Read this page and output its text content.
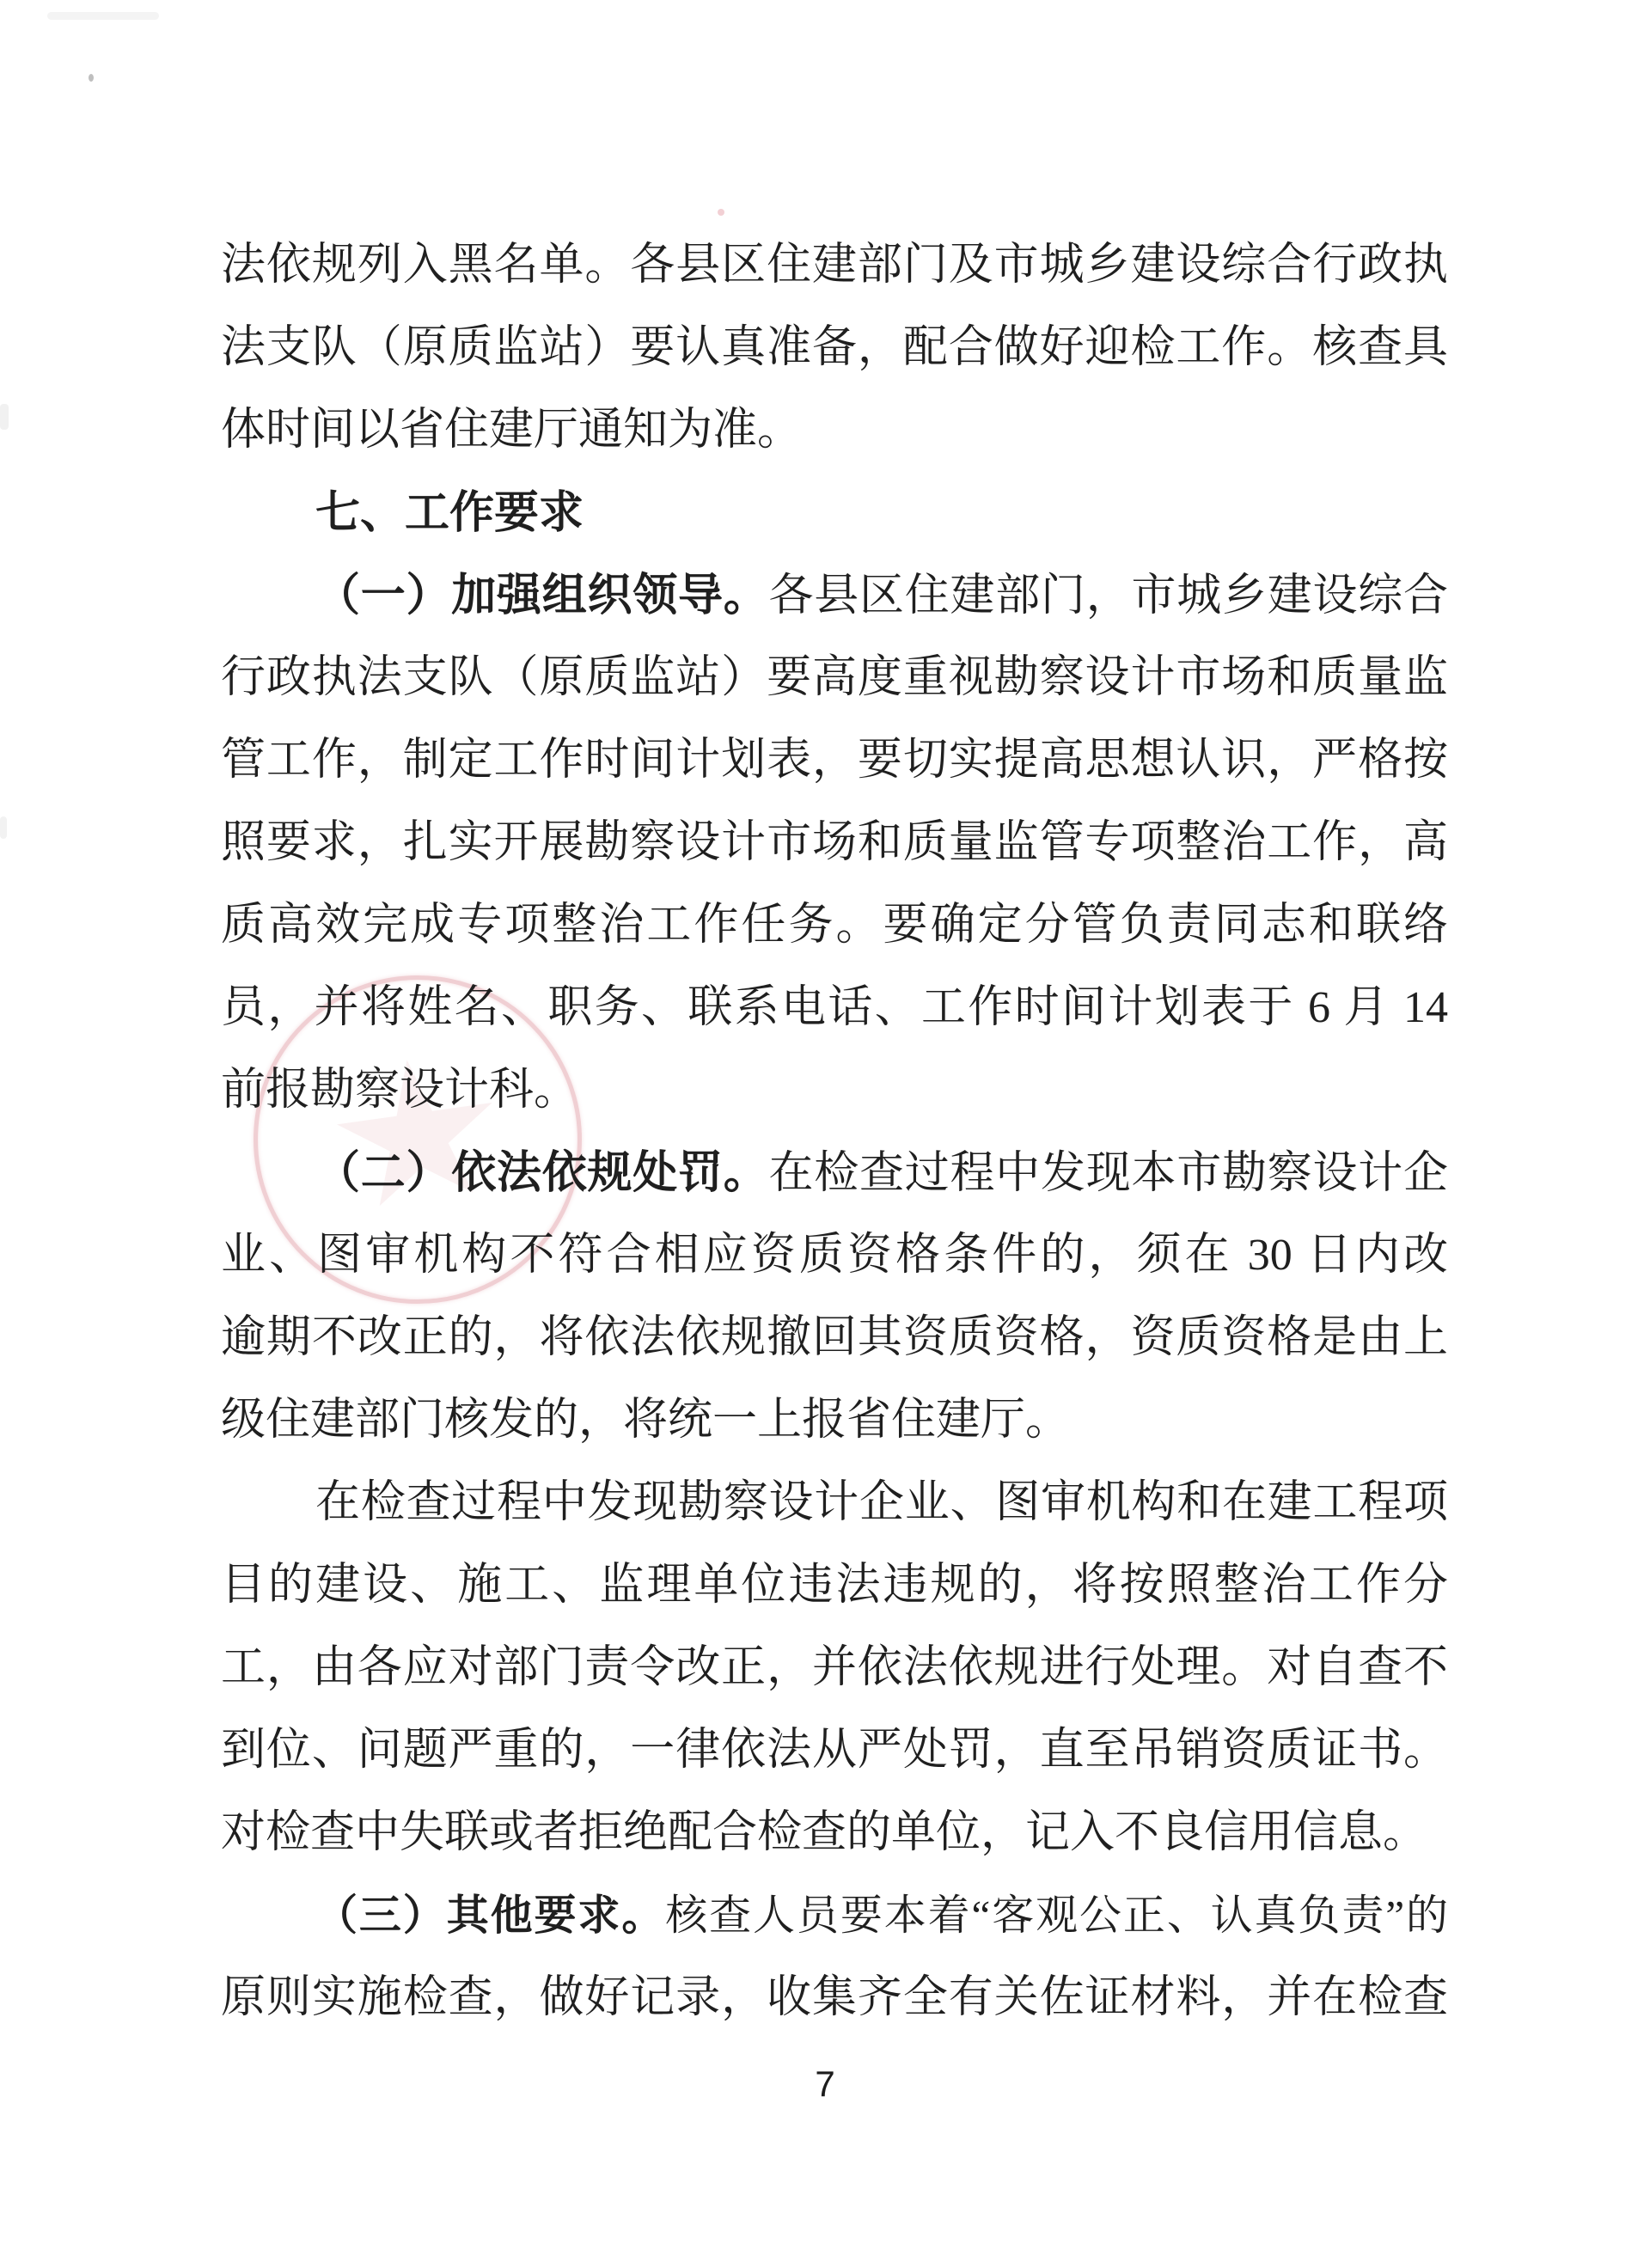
法依规列入黑名单。各县区住建部门及市城乡建设综合行政执
法支队（原质监站）要认真准备，配合做好迎检工作。核查具
体时间以省住建厅通知为准。
七、工作要求
（一）加强组织领导。各县区住建部门，市城乡建设综合
行政执法支队（原质监站）要高度重视勘察设计市场和质量监
管工作，制定工作时间计划表，要切实提高思想认识，严格按
照要求，扎实开展勘察设计市场和质量监管专项整治工作，高
质高效完成专项整治工作任务。要确定分管负责同志和联络
员，并将姓名、职务、联系电话、工作时间计划表于 6 月 14
前报勘察设计科。
（二）依法依规处罚。在检查过程中发现本市勘察设计企
业、图审机构不符合相应资质资格条件的，须在 30 日内改
逾期不改正的，将依法依规撤回其资质资格，资质资格是由上
级住建部门核发的，将统一上报省住建厅。
在检查过程中发现勘察设计企业、图审机构和在建工程项
目的建设、施工、监理单位违法违规的，将按照整治工作分
工，由各应对部门责令改正，并依法依规进行处理。对自查不
到位、问题严重的，一律依法从严处罚，直至吊销资质证书。
对检查中失联或者拒绝配合检查的单位，记入不良信用信息。
（三）其他要求。核查人员要本着“客观公正、认真负责”的
原则实施检查，做好记录，收集齐全有关佐证材料，并在检查
7
